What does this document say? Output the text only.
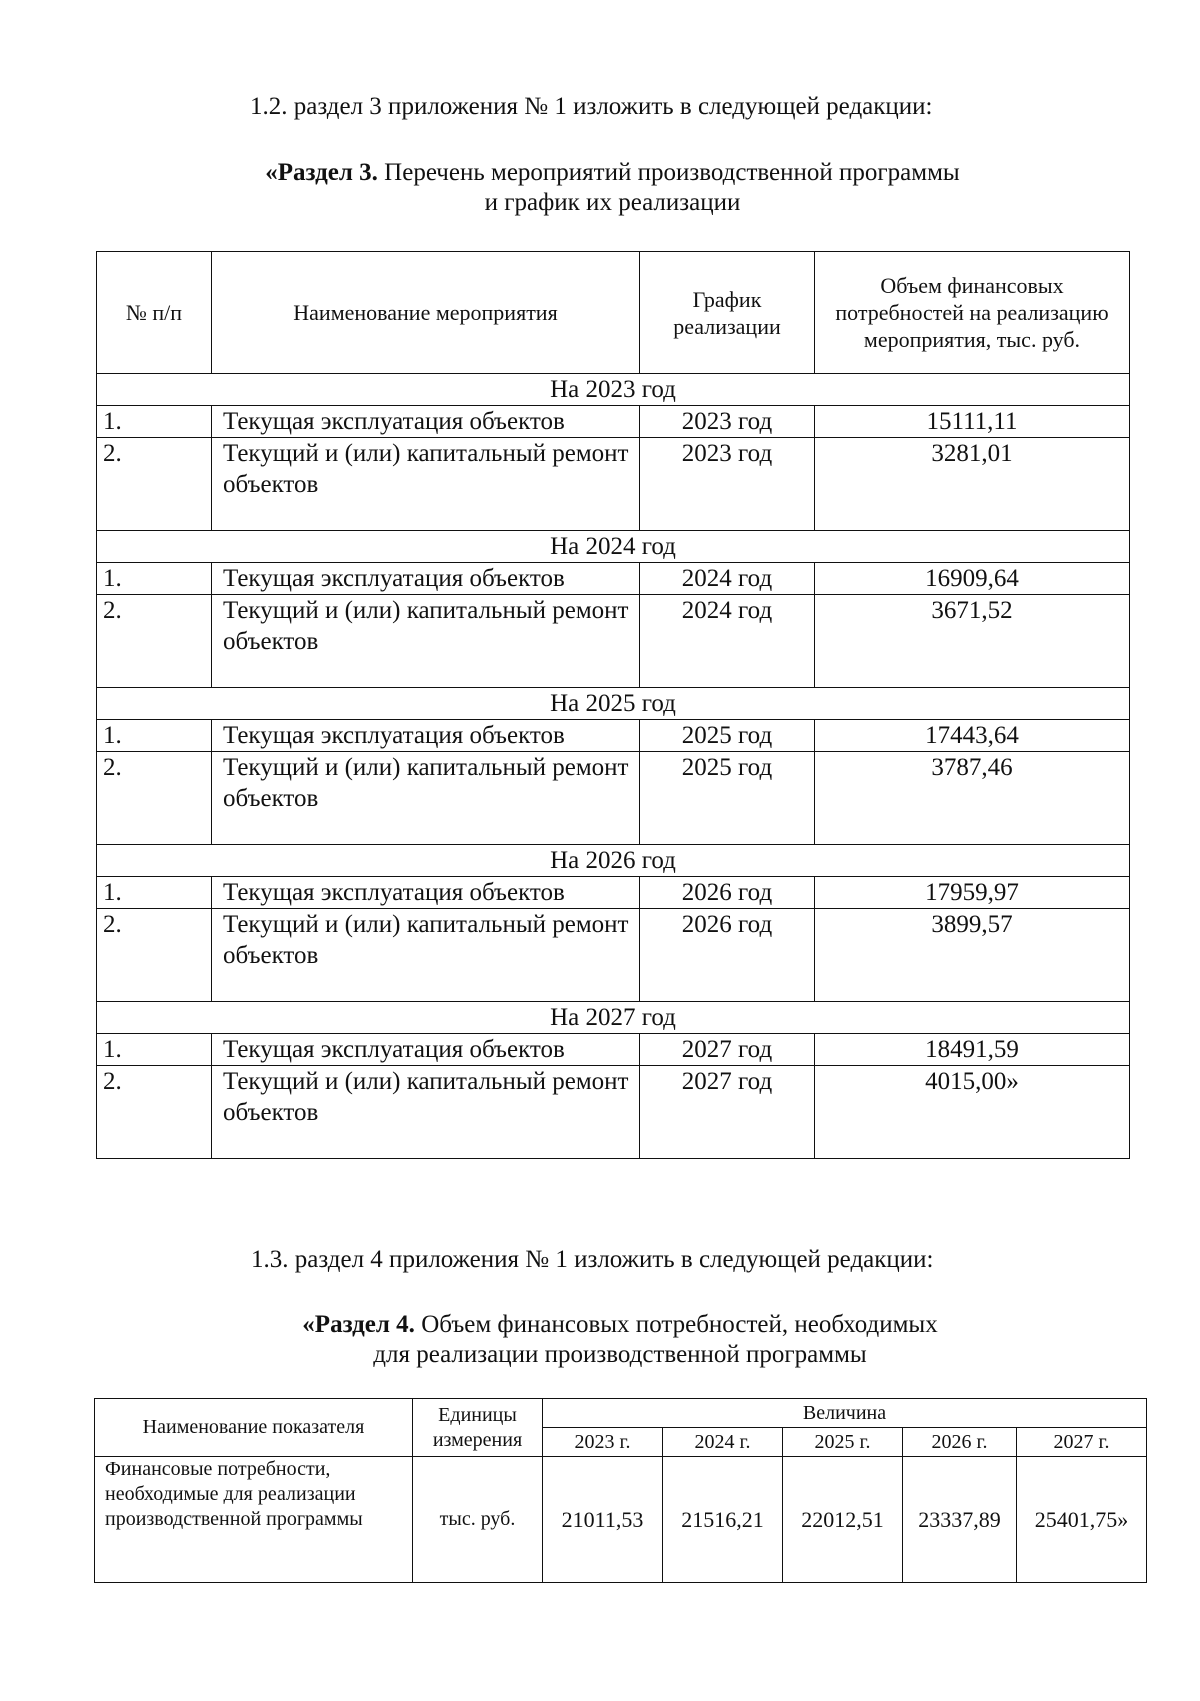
1.2. раздел 3 приложения № 1 изложить в следующей редакции:
«Раздел 3. Перечень мероприятий производственной программы
и график их реализации
№ п/п	Наименование мероприятия	График реализации	Объем финансовых потребностей на реализацию мероприятия, тыс. руб.
На 2023 год			
1.	Текущая эксплуатация объектов	2023 год	15111,11
2.	Текущий и (или) капитальный ремонт объектов	2023 год	3281,01
На 2024 год			
1.	Текущая эксплуатация объектов	2024 год	16909,64
2.	Текущий и (или) капитальный ремонт объектов	2024 год	3671,52
На 2025 год			
1.	Текущая эксплуатация объектов	2025 год	17443,64
2.	Текущий и (или) капитальный ремонт объектов	2025 год	3787,46
На 2026 год			
1.	Текущая эксплуатация объектов	2026 год	17959,97
2.	Текущий и (или) капитальный ремонт объектов	2026 год	3899,57
На 2027 год			
1.	Текущая эксплуатация объектов	2027 год	18491,59
2.	Текущий и (или) капитальный ремонт объектов	2027 год	4015,00»
1.3. раздел 4 приложения № 1 изложить в следующей редакции:
«Раздел 4. Объем финансовых потребностей, необходимых
для реализации производственной программы
Наименование показателя	Единицы измерения	Величина				
		2023 г.	2024 г.	2025 г.	2026 г.	2027 г.
Финансовые потребности, необходимые для реализации производственной программы	тыс. руб.	21011,53	21516,21	22012,51	23337,89	25401,75»
